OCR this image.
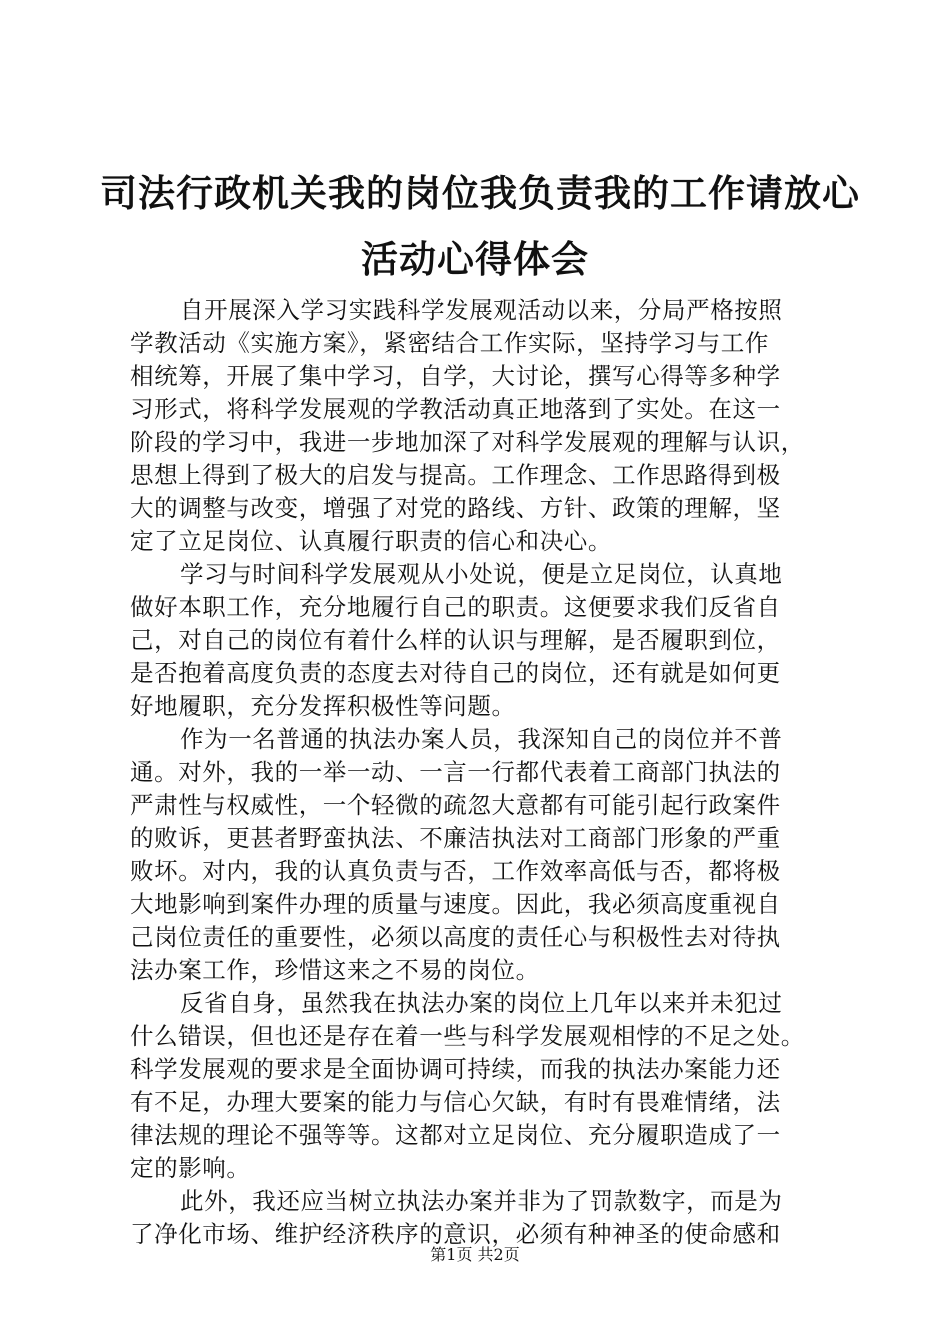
司法行政机关我的岗位我负责我的工作请放心
活动心得体会
自开展深入学习实践科学发展观活动以来，分局严格按照
学教活动《实施方案》，紧密结合工作实际，坚持学习与工作
相统筹，开展了集中学习，自学，大讨论，撰写心得等多种学
习形式，将科学发展观的学教活动真正地落到了实处。在这一
阶段的学习中，我进一步地加深了对科学发展观的理解与认识，
思想上得到了极大的启发与提高。工作理念、工作思路得到极
大的调整与改变，增强了对党的路线、方针、政策的理解，坚
定了立足岗位、认真履行职责的信心和决心。
学习与时间科学发展观从小处说，便是立足岗位，认真地
做好本职工作，充分地履行自己的职责。这便要求我们反省自
己，对自己的岗位有着什么样的认识与理解，是否履职到位，
是否抱着高度负责的态度去对待自己的岗位，还有就是如何更
好地履职，充分发挥积极性等问题。
作为一名普通的执法办案人员，我深知自己的岗位并不普
通。对外，我的一举一动、一言一行都代表着工商部门执法的
严肃性与权威性，一个轻微的疏忽大意都有可能引起行政案件
的败诉，更甚者野蛮执法、不廉洁执法对工商部门形象的严重
败坏。对内，我的认真负责与否，工作效率高低与否，都将极
大地影响到案件办理的质量与速度。因此，我必须高度重视自
己岗位责任的重要性，必须以高度的责任心与积极性去对待执
法办案工作，珍惜这来之不易的岗位。
反省自身，虽然我在执法办案的岗位上几年以来并未犯过
什么错误，但也还是存在着一些与科学发展观相悖的不足之处。
科学发展观的要求是全面协调可持续，而我的执法办案能力还
有不足，办理大要案的能力与信心欠缺，有时有畏难情绪，法
律法规的理论不强等等。这都对立足岗位、充分履职造成了一
定的影响。
此外，我还应当树立执法办案并非为了罚款数字，而是为
了净化市场、维护经济秩序的意识，必须有种神圣的使命感和
第1页 共2页
